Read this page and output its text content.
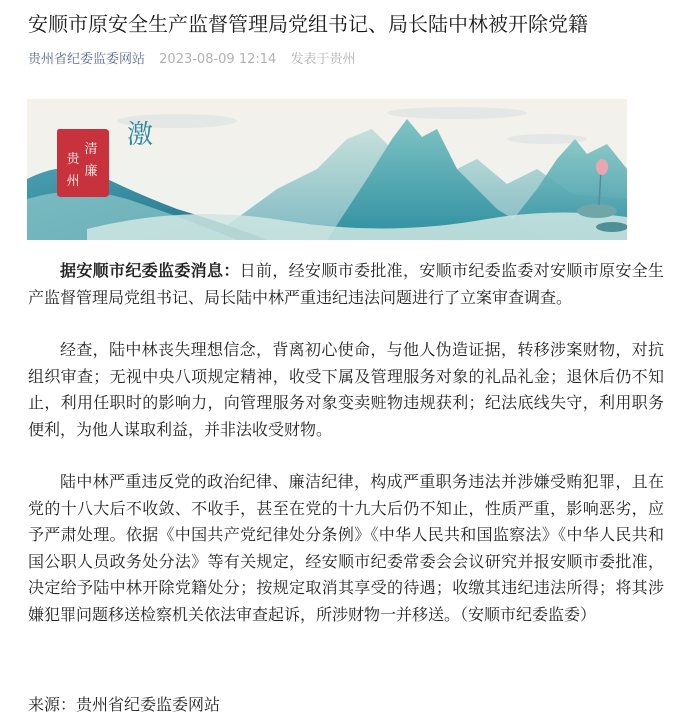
安顺市原安全生产监督管理局党组书记、局长陆中林被开除党籍
贵州省纪委监委网站 2023-08-09 12:14 发表于贵州
清廉贵州
激

据安顺市纪委监委消息：日前，经安顺市委批准，安顺市纪委监委对安顺市原安全生产监督管理局党组书记、局长陆中林严重违纪违法问题进行了立案审查调查。

经查，陆中林丧失理想信念，背离初心使命，与他人伪造证据，转移涉案财物，对抗组织审查；无视中央八项规定精神，收受下属及管理服务对象的礼品礼金；退休后仍不知止，利用任职时的影响力，向管理服务对象变卖赃物违规获利；纪法底线失守，利用职务便利，为他人谋取利益，并非法收受财物。

陆中林严重违反党的政治纪律、廉洁纪律，构成严重职务违法并涉嫌受贿犯罪，且在党的十八大后不收敛、不收手，甚至在党的十九大后仍不知止，性质严重，影响恶劣，应予严肃处理。依据《中国共产党纪律处分条例》《中华人民共和国监察法》《中华人民共和国公职人员政务处分法》等有关规定，经安顺市纪委常委会会议研究并报安顺市委批准，决定给予陆中林开除党籍处分；按规定取消其享受的待遇；收缴其违纪违法所得；将其涉嫌犯罪问题移送检察机关依法审查起诉，所涉财物一并移送。（安顺市纪委监委）

来源：贵州省纪委监委网站
